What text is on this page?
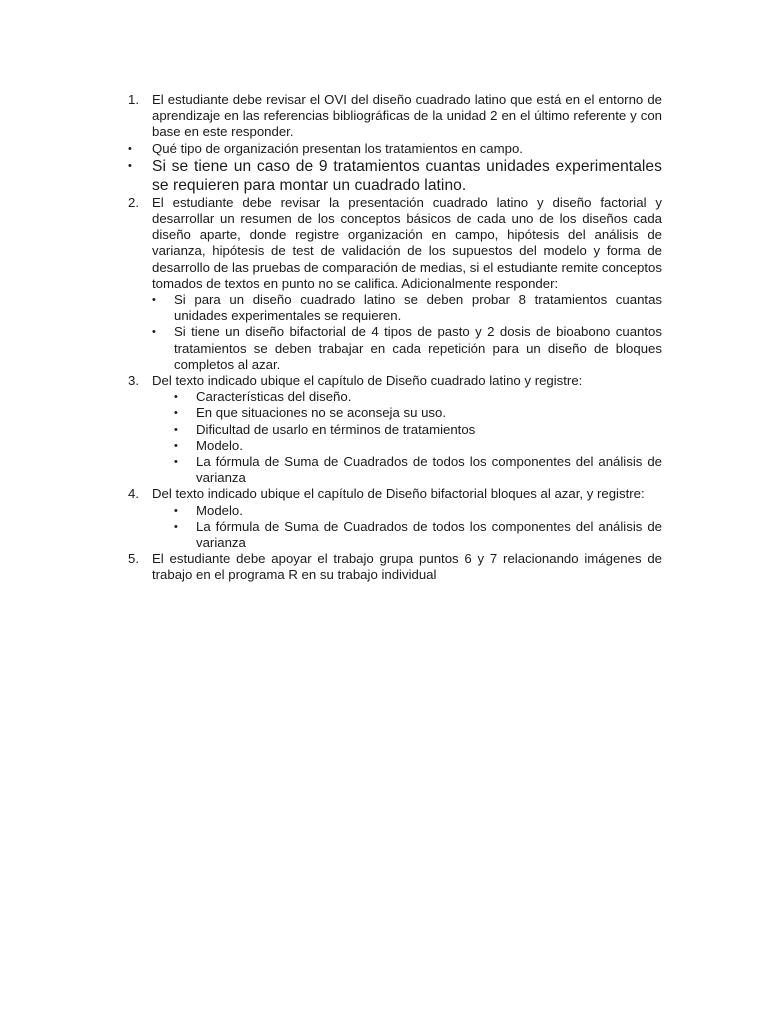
1. El estudiante debe revisar el OVI del diseño cuadrado latino que está en el entorno de aprendizaje en las referencias bibliográficas de la unidad 2 en el último referente y con base en este responder.
•	Qué tipo de organización presentan los tratamientos en campo.
•	Si se tiene un caso de 9 tratamientos cuantas unidades experimentales se requieren para montar un cuadrado latino.
2. El estudiante debe revisar la presentación cuadrado latino y diseño factorial y desarrollar un resumen de los conceptos básicos de cada uno de los diseños cada diseño aparte, donde registre organización en campo, hipótesis del análisis de varianza, hipótesis de test de validación de los supuestos del modelo y forma de desarrollo de las pruebas de comparación de medias, si el estudiante remite conceptos tomados de textos en punto no se califica. Adicionalmente responder:
•	Si para un diseño cuadrado latino se deben probar 8 tratamientos cuantas unidades experimentales se requieren.
•	Si tiene un diseño bifactorial de 4 tipos de pasto y 2 dosis de bioabono cuantos tratamientos se deben trabajar en cada repetición para un diseño de bloques completos al azar.
3. Del texto indicado ubique el capítulo de Diseño cuadrado latino y registre:
•	Características del diseño.
•	En que situaciones no se aconseja su uso.
•	Dificultad de usarlo en términos de tratamientos
•	Modelo.
•	La fórmula de Suma de Cuadrados de todos los componentes del análisis de varianza
4. Del texto indicado ubique el capítulo de Diseño bifactorial bloques al azar, y registre:
•	Modelo.
•	La fórmula de Suma de Cuadrados de todos los componentes del análisis de varianza
5. El estudiante debe apoyar el trabajo grupa puntos 6 y 7 relacionando imágenes de trabajo en el programa R en su trabajo individual
